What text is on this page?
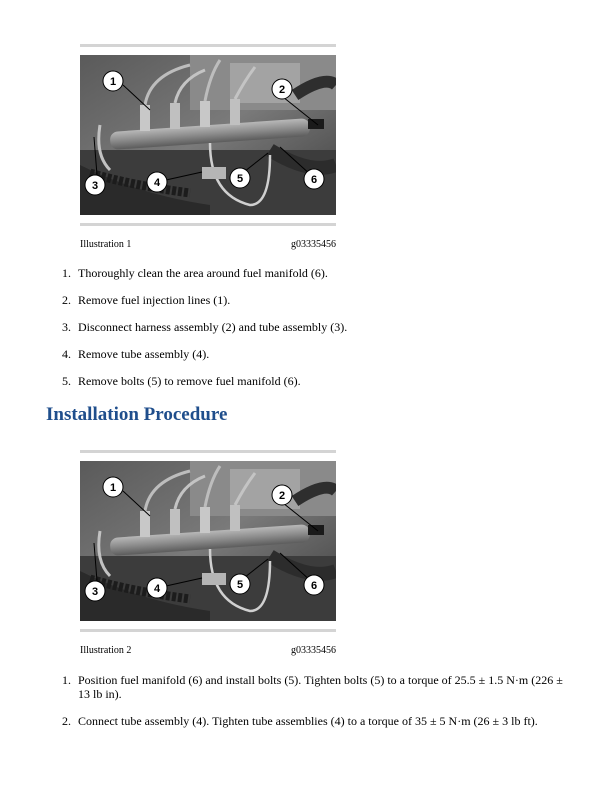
1
2
3	4	5	6
Illustration 1	g03335456
1. Thoroughly clean the area around fuel manifold (6).
2. Remove fuel injection lines (1).
3. Disconnect harness assembly (2) and tube assembly (3).
4. Remove tube assembly (4).
5. Remove bolts (5) to remove fuel manifold (6).
Installation Procedure
1
2
3	4	5	6
Illustration 2	g03335456
1. Position fuel manifold (6) and install bolts (5). Tighten bolts (5) to a torque of 25.5 ± 1.5 N·m (226 ± 13 lb in).
2. Connect tube assembly (4). Tighten tube assemblies (4) to a torque of 35 ± 5 N·m (26 ± 3 lb ft).
